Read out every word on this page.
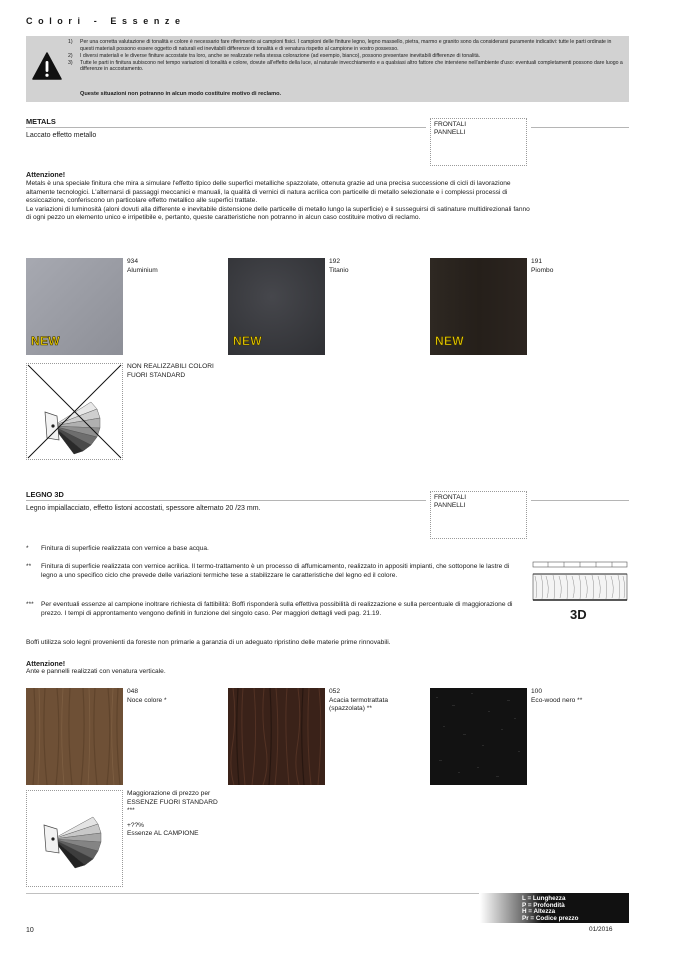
Colori - Essenze
1) Per una corretta valutazione di tonalità e colore è necessario fare riferimento ai campioni fisici. I campioni delle finiture legno, legno massello, pietra, marmo e granito sono da considerarsi puramente indicativi: tutte le parti ordinate in questi materiali possono essere oggetto di naturali ed inevitabili differenze di tonalità e di venatura rispetto al campione in vostro possesso.
2) I diversi materiali e le diverse finiture accostate tra loro, anche se realizzate nella stessa colorazione (ad esempio, bianco), possono presentare inevitabili differenze di tonalità.
3) Tutte le parti in finitura subiscono nel tempo variazioni di tonalità e colore, dovute all'effetto della luce, al naturale invecchiamento e a qualsiasi altro fattore che interviene nell'ambiente d'uso: eventuali completamenti possono dare luogo a differenze in accostamento.
Queste situazioni non potranno in alcun modo costituire motivo di reclamo.
METALS
Laccato effetto metallo
FRONTALI
PANNELLI
Attenzione!
Metals è una speciale finitura che mira a simulare l'effetto tipico delle superfici metalliche spazzolate, ottenuta grazie ad una precisa successione di cicli di lavorazione altamente tecnologici. L'alternarsi di passaggi meccanici e manuali, la qualità di vernici di natura acrilica con particelle di metallo selezionate e i complessi processi di essiccazione, conferiscono un particolare effetto metallico alle superfici trattate.
Le variazioni di luminosità (aloni dovuti alla differente e inevitabile distensione delle particelle di metallo lungo la superficie) e il susseguirsi di satinature multidirezionali fanno di ogni pezzo un elemento unico e irripetibile e, pertanto, queste caratteristiche non potranno in alcun caso costituire motivo di reclamo.
NEW
934
Aluminium
NEW
192
Titanio
NEW
191
Piombo
NON REALIZZABILI COLORI FUORI STANDARD
LEGNO 3D
Legno impiallacciato, effetto listoni accostati, spessore alternato 20 /23 mm.
FRONTALI
PANNELLI
*	Finitura di superficie realizzata con vernice a base acqua.
**	Finitura di superficie realizzata con vernice acrilica. Il termo-trattamento è un processo di affumicamento, realizzato in appositi impianti, che sottopone le lastre di legno a uno specifico ciclo che prevede delle variazioni termiche tese a stabilizzare le caratteristiche del legno ed il colore.
***	Per eventuali essenze al campione inoltrare richiesta di fattibilità: Boffi risponderà sulla effettiva possibilità di realizzazione e sulla percentuale di maggiorazione di prezzo. I tempi di approntamento vengono definiti in funzione del singolo caso. Per maggiori dettagli vedi pag. 21.19.
Boffi utilizza solo legni provenienti da foreste non primarie a garanzia di un adeguato ripristino delle materie prime rinnovabili.
3D
Attenzione!
Ante e pannelli realizzati con venatura verticale.
048
Noce colore *
052
Acacia termotrattata (spazzolata) **
100
Eco-wood nero **
Maggiorazione di prezzo per ESSENZE FUORI STANDARD ***
+??%
Essenze AL CAMPIONE
L = Lunghezza
P = Profondità
H = Altezza
Pr = Codice prezzo
10	01/2016
